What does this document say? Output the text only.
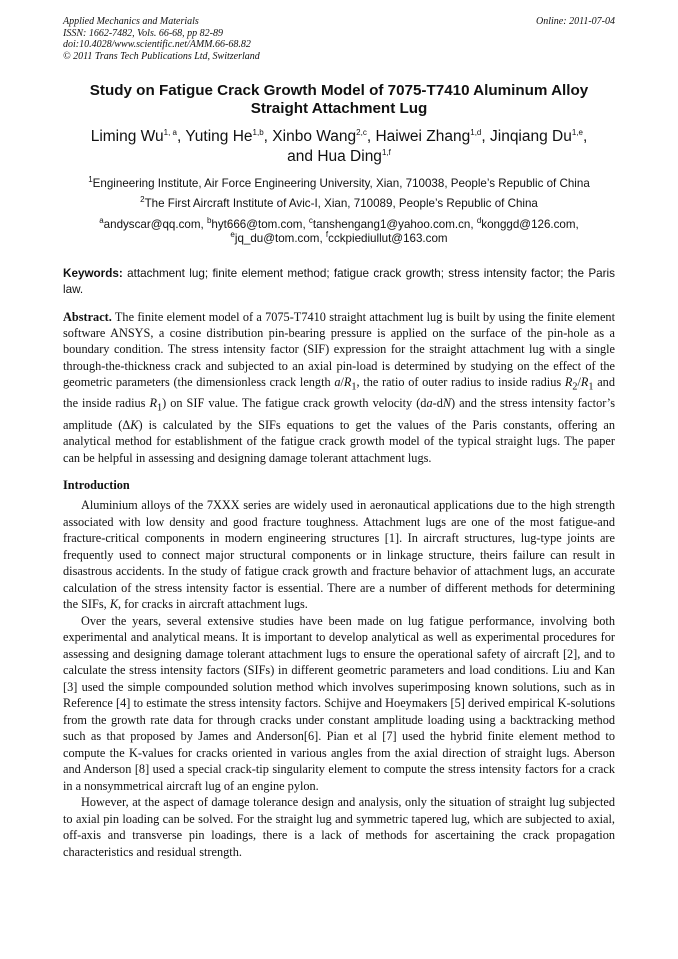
Applied Mechanics and Materials
ISSN: 1662-7482, Vols. 66-68, pp 82-89
doi:10.4028/www.scientific.net/AMM.66-68.82
© 2011 Trans Tech Publications Ltd, Switzerland
Online: 2011-07-04
Study on Fatigue Crack Growth Model of 7075-T7410 Aluminum Alloy
Straight Attachment Lug
Liming Wu$^{1, a}$, Yuting He$^{1,b}$, Xinbo Wang$^{2,c}$, Haiwei Zhang$^{1,d}$, Jinqiang Du$^{1,e}$,
and Hua Ding$^{1,f}$
$^1$Engineering Institute, Air Force Engineering University, Xian, 710038, People’s Republic of China
$^2$The First Aircraft Institute of Avic-I, Xian, 710089, People’s Republic of China
$^a$andyscar@qq.com, $^b$hyt666@tom.com, $^c$tanshengang1@yahoo.com.cn, $^d$konggd@126.com,
$^e$jq_du@tom.com, $^f$cckpiediullut@163.com
Keywords: attachment lug; finite element method; fatigue crack growth; stress intensity factor; the Paris law.
Abstract. The finite element model of a 7075-T7410 straight attachment lug is built by using the finite element software ANSYS, a cosine distribution pin-bearing pressure is applied on the surface of the pin-hole as a boundary condition. The stress intensity factor (SIF) expression for the straight attachment lug with a single through-the-thickness crack and subjected to an axial pin-load is determined by studying on the effect of the geometric parameters (the dimensionless crack length $a/R_1$, the ratio of outer radius to inside radius $R_2/R_1$ and the inside radius $R_1$) on SIF value. The fatigue crack growth velocity (da-dN) and the stress intensity factor’s amplitude (ΔK) is calculated by the SIFs equations to get the values of the Paris constants, offering an analytical method for establishment of the fatigue crack growth model of the typical straight lugs. The paper can be helpful in assessing and designing damage tolerant attachment lugs.
Introduction

Aluminium alloys of the 7XXX series are widely used in aeronautical applications due to the high strength associated with low density and good fracture toughness. Attachment lugs are one of the most fatigue-and fracture-critical components in modern engineering structures [1]. In aircraft structures, lug-type joints are frequently used to connect major structural components or in linkage structure, theirs failure can result in disastrous accidents. In the study of fatigue crack growth and fracture behavior of attachment lugs, an accurate calculation of the stress intensity factor is essential. There are a number of different methods for determining the SIFs, K, for cracks in aircraft attachment lugs.

Over the years, several extensive studies have been made on lug fatigue performance, involving both experimental and analytical means. It is important to develop analytical as well as experimental procedures for assessing and designing damage tolerant attachment lugs to ensure the operational safety of aircraft [2], and to calculate the stress intensity factors (SIFs) in different geometric parameters and load conditions. Liu and Kan [3] used the simple compounded solution method which involves superimposing known solutions, such as in Reference [4] to estimate the stress intensity factors. Schijve and Hoeymakers [5] derived empirical K-solutions from the growth rate data for through cracks under constant amplitude loading using a backtracking method such as that proposed by James and Anderson[6]. Pian et al [7] used the hybrid finite element method to compute the K-values for cracks oriented in various angles from the axial direction of straight lugs. Aberson and Anderson [8] used a special crack-tip singularity element to compute the stress intensity factors for a crack in a nonsymmetrical aircraft lug of an engine pylon.

However, at the aspect of damage tolerance design and analysis, only the situation of straight lug subjected to axial pin loading can be solved. For the straight lug and symmetric tapered lug, which are subjected to axial, off-axis and transverse pin loadings, there is a lack of methods for ascertaining the crack propagation characteristics and residual strength.
